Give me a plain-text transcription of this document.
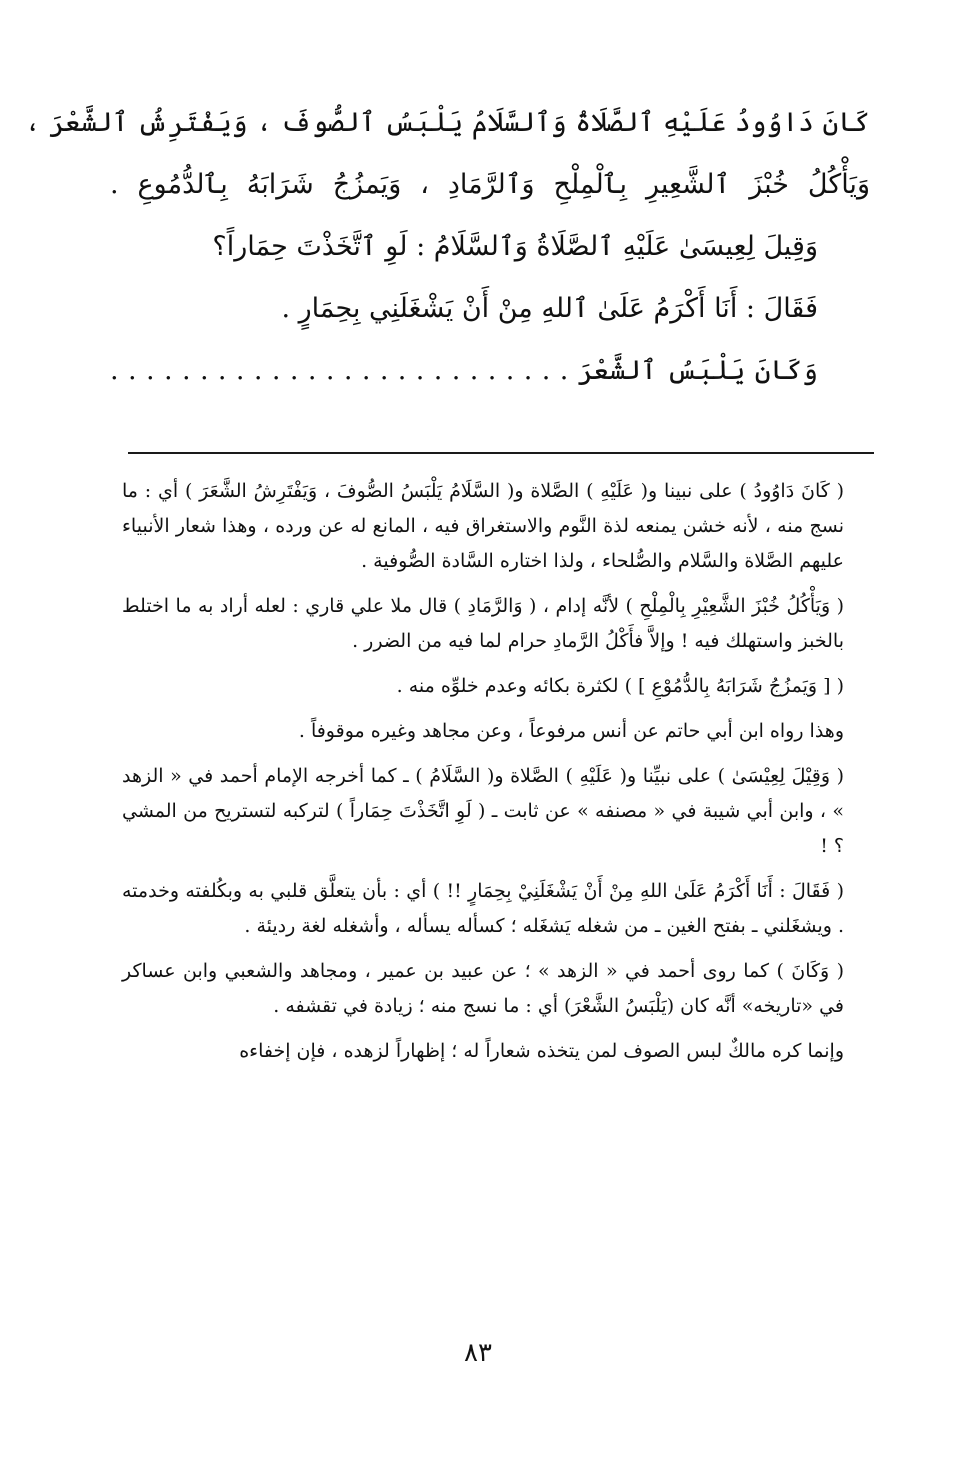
كَانَ دَاوُودُ عَلَيْهِ ٱلصَّلَاةُ وَٱلسَّلَامُ يَلْبَسُ ٱلصُّوفَ ، وَيَفْتَرِشُ ٱلشَّعْرَ ،
وَيَأْكُلُ خُبْزَ ٱلشَّعِيرِ بِٱلْمِلْحِ وَٱلرَّمَادِ ، وَيَمزُجُ شَرَابَهُ بِٱلدُّمُوعِ .
وَقِيلَ لِعِيسَىٰ عَلَيْهِ ٱلصَّلَاةُ وَٱلسَّلَامُ : لَوِ ٱتَّخَذْتَ حِمَاراً؟
فَقَالَ : أَنَا أَكْرَمُ عَلَىٰ ٱللهِ مِنْ أَنْ يَشْغَلَنِي بِحِمَارٍ .
وَكَانَ يَلْبَسُ ٱلشَّعْرَ . . . . . . . . . . . . . . . . . . . . . . . . . .

( كَانَ دَاوُودُ ) على نبينا و( عَلَيْهِ ) الصَّلاة و( السَّلَامُ يَلْبَسُ الصُّوفَ ، وَيَفْتَرِشُ الشَّعَرَ ) أي : ما نسج منه ، لأنه خشن يمنعه لذة النَّوم والاستغراق فيه ، المانع له عن ورده ، وهذا شعار الأنبياء عليهم الصَّلاة والسَّلام والصُّلحاء ، ولذا اختاره السَّادة الصُّوفية .

( وَيَأْكُلُ خُبْزَ الشَّعِيْرِ بِالْمِلْحِ ) لأنَّه إدام ، ( وَالرَّمَادِ ) قال ملا علي قاري : لعله أراد به ما اختلط بالخبز واستهلك فيه ! وإلاَّ فأَكْلُ الرَّمادِ حرام لما فيه من الضرر .

( [ وَيَمزُجُ شَرَابَهُ بِالدُّمُوْعِ ] ) لكثرة بكائه وعدم خلوِّه منه .

وهذا رواه ابن أبي حاتم عن أنس مرفوعاً ، وعن مجاهد وغيره موقوفاً .

( وَقِيْلَ لِعِيْسَىٰ ) على نبيِّنا و( عَلَيْهِ ) الصَّلاة و( السَّلَامُ ) ـ كما أخرجه الإمام أحمد في « الزهد » ، وابن أبي شيبة في « مصنفه » عن ثابت ـ ( لَوِ اتَّخَذْتَ حِمَاراً ) لتركبه لتستريح من المشي ؟ !

( فَقَالَ : أَنَا أَكْرَمُ عَلَىٰ اللهِ مِنْ أَنْ يَشْغَلَنِيْ بِحِمَارٍ !! ) أي : بأن يتعلَّق قلبي به وبكُلفته وخدمته . ويشغَلني ـ بفتح الغين ـ من شغله يَشغَله ؛ كسأله يسأله ، وأشغله لغة رديئة .

( وَكَانَ ) كما روى أحمد في « الزهد » ؛ عن عبيد بن عمير ، ومجاهد والشعبي وابن عساكر في «تاريخه» أنَّه كان (يَلْبَسُ الشَّعْرَ) أي : ما نسج منه ؛ زيادة في تقشفه .

وإنما كره مالكٌ لبس الصوف لمن يتخذه شعاراً له ؛ إظهاراً لزهده ، فإن إخفاءه

٨٣
